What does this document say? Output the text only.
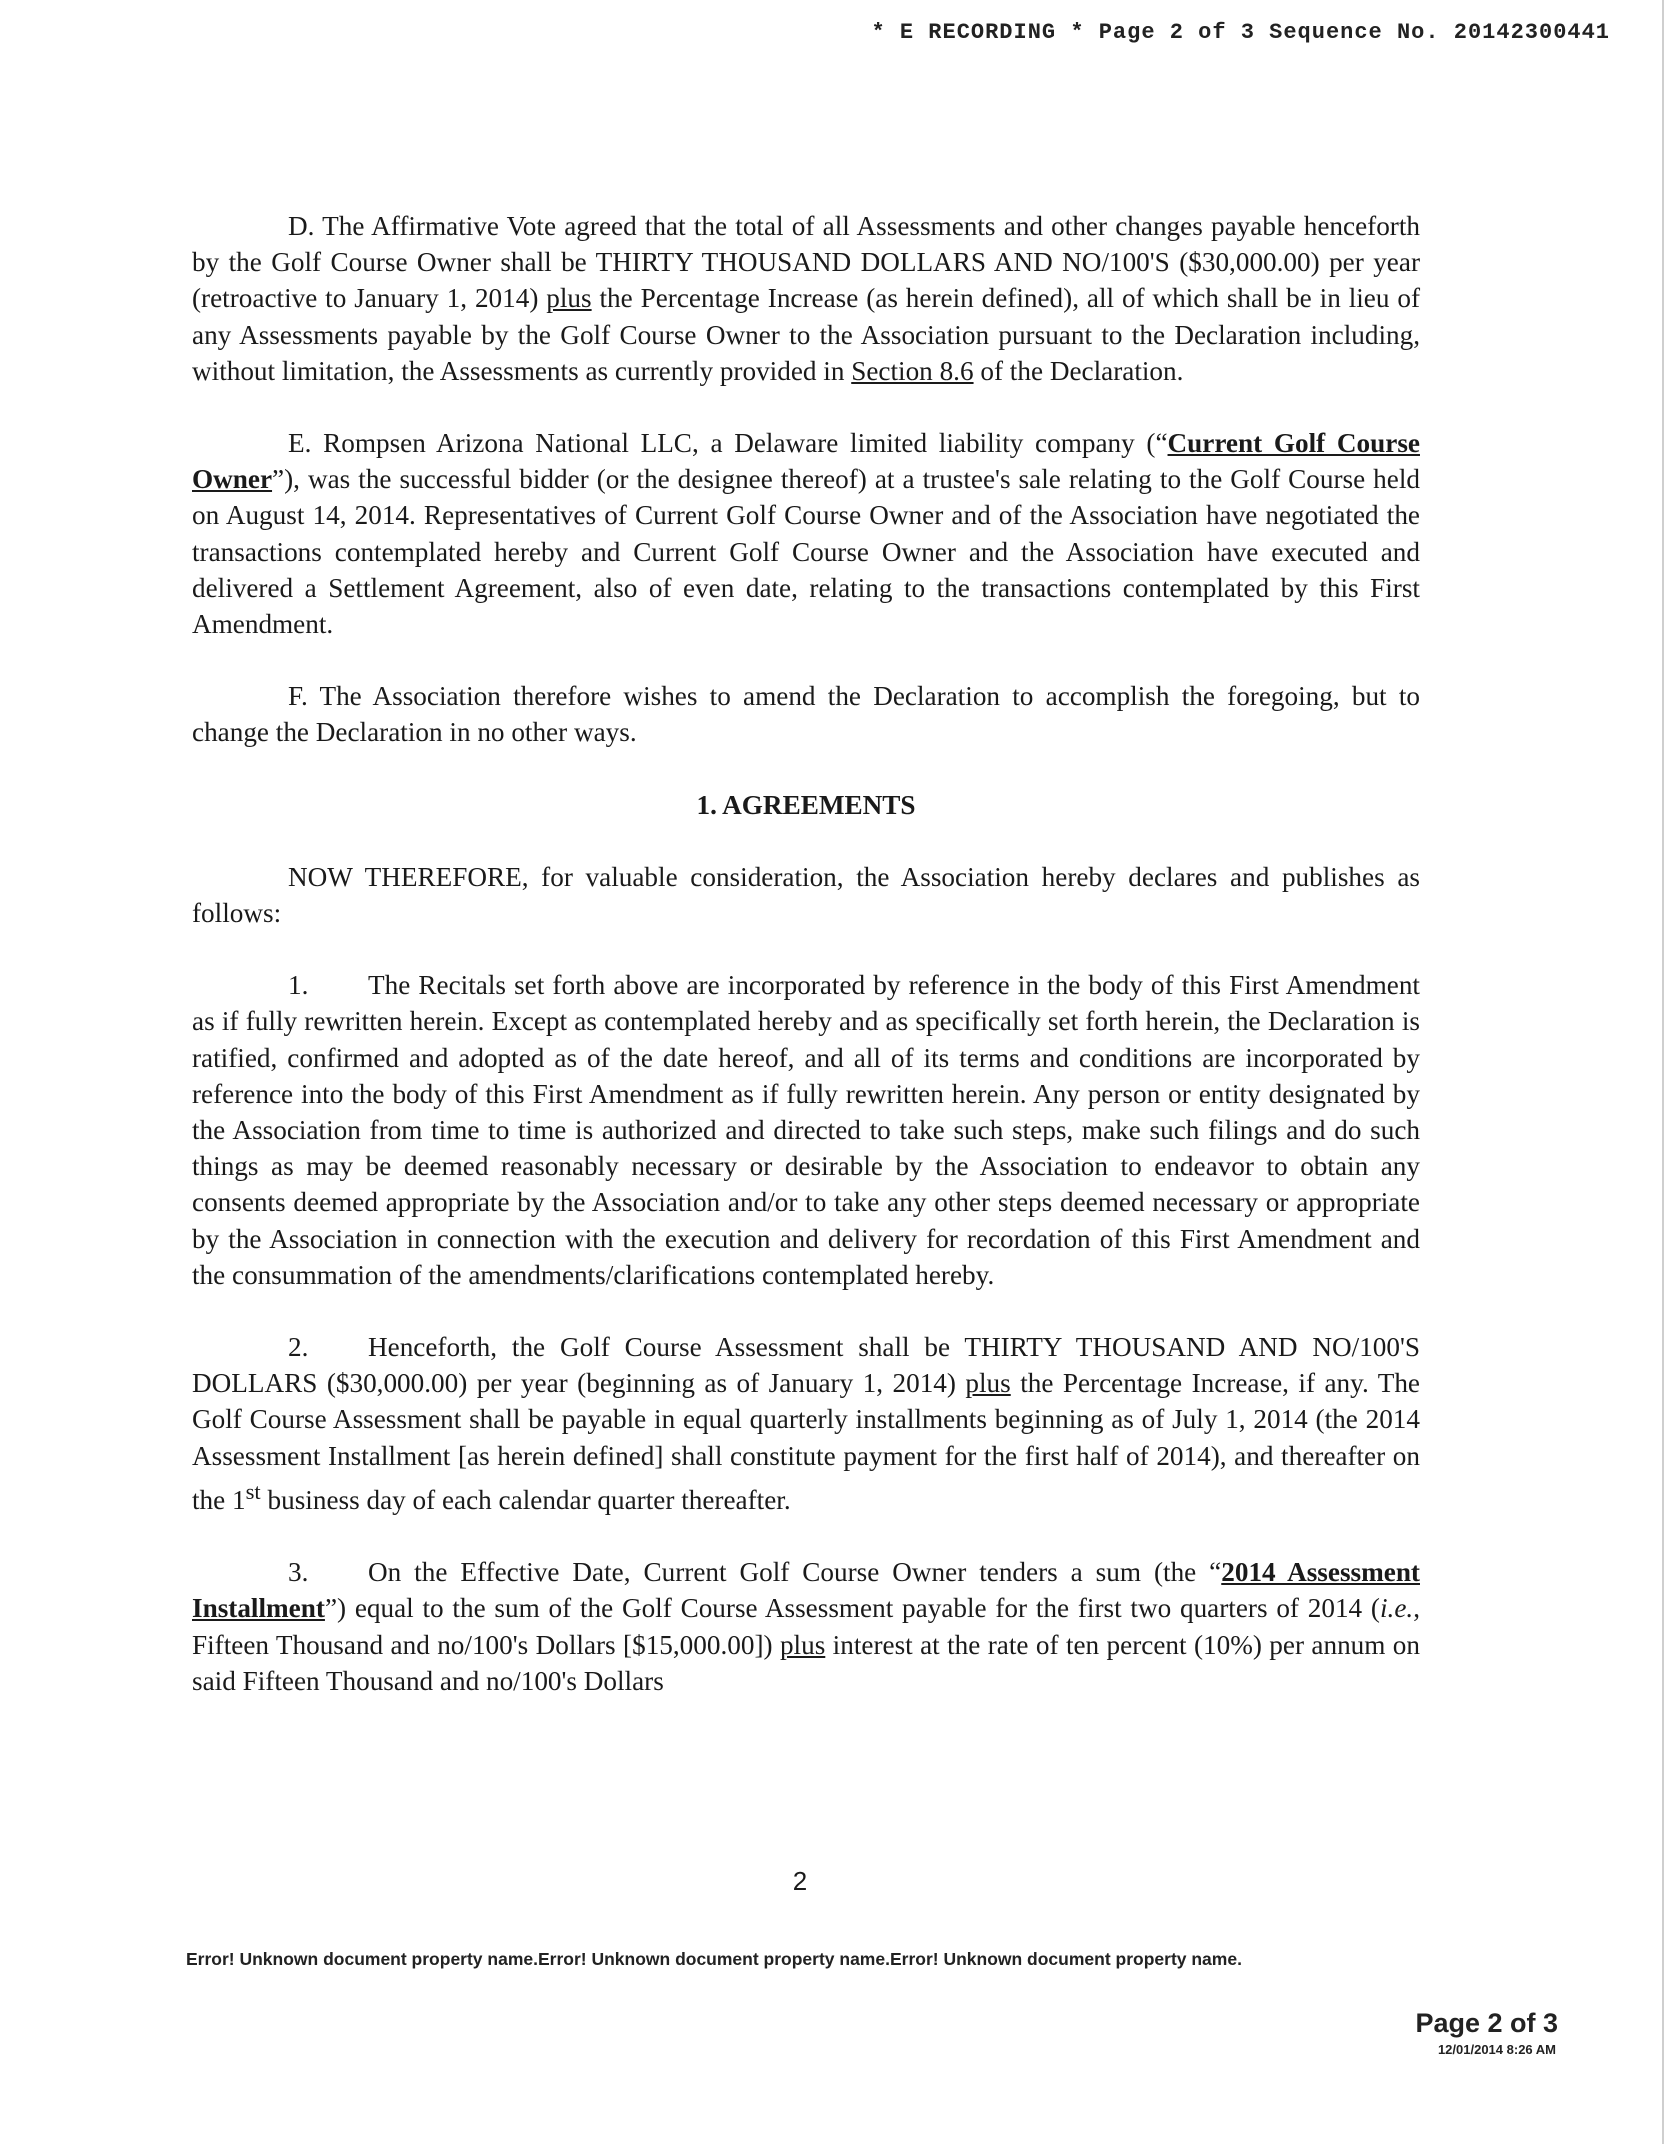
* E RECORDING * Page 2 of 3 Sequence No. 20142300441

D. The Affirmative Vote agreed that the total of all Assessments and other changes payable henceforth by the Golf Course Owner shall be THIRTY THOUSAND DOLLARS AND NO/100'S ($30,000.00) per year (retroactive to January 1, 2014) plus the Percentage Increase (as herein defined), all of which shall be in lieu of any Assessments payable by the Golf Course Owner to the Association pursuant to the Declaration including, without limitation, the Assessments as currently provided in Section 8.6 of the Declaration.

E. Rompsen Arizona National LLC, a Delaware limited liability company (“Current Golf Course Owner”), was the successful bidder (or the designee thereof) at a trustee's sale relating to the Golf Course held on August 14, 2014. Representatives of Current Golf Course Owner and of the Association have negotiated the transactions contemplated hereby and Current Golf Course Owner and the Association have executed and delivered a Settlement Agreement, also of even date, relating to the transactions contemplated by this First Amendment.

F. The Association therefore wishes to amend the Declaration to accomplish the foregoing, but to change the Declaration in no other ways.

1. AGREEMENTS

NOW THEREFORE, for valuable consideration, the Association hereby declares and publishes as follows:

1. The Recitals set forth above are incorporated by reference in the body of this First Amendment as if fully rewritten herein. Except as contemplated hereby and as specifically set forth herein, the Declaration is ratified, confirmed and adopted as of the date hereof, and all of its terms and conditions are incorporated by reference into the body of this First Amendment as if fully rewritten herein. Any person or entity designated by the Association from time to time is authorized and directed to take such steps, make such filings and do such things as may be deemed reasonably necessary or desirable by the Association to endeavor to obtain any consents deemed appropriate by the Association and/or to take any other steps deemed necessary or appropriate by the Association in connection with the execution and delivery for recordation of this First Amendment and the consummation of the amendments/clarifications contemplated hereby.

2. Henceforth, the Golf Course Assessment shall be THIRTY THOUSAND AND NO/100'S DOLLARS ($30,000.00) per year (beginning as of January 1, 2014) plus the Percentage Increase, if any. The Golf Course Assessment shall be payable in equal quarterly installments beginning as of July 1, 2014 (the 2014 Assessment Installment [as herein defined] shall constitute payment for the first half of 2014), and thereafter on the 1st business day of each calendar quarter thereafter.

3. On the Effective Date, Current Golf Course Owner tenders a sum (the “2014 Assessment Installment”) equal to the sum of the Golf Course Assessment payable for the first two quarters of 2014 (i.e., Fifteen Thousand and no/100's Dollars [$15,000.00]) plus interest at the rate of ten percent (10%) per annum on said Fifteen Thousand and no/100's Dollars

2
Error! Unknown document property name.Error! Unknown document property name.Error! Unknown document property name.
Page 2 of 3
12/01/2014 8:26 AM
